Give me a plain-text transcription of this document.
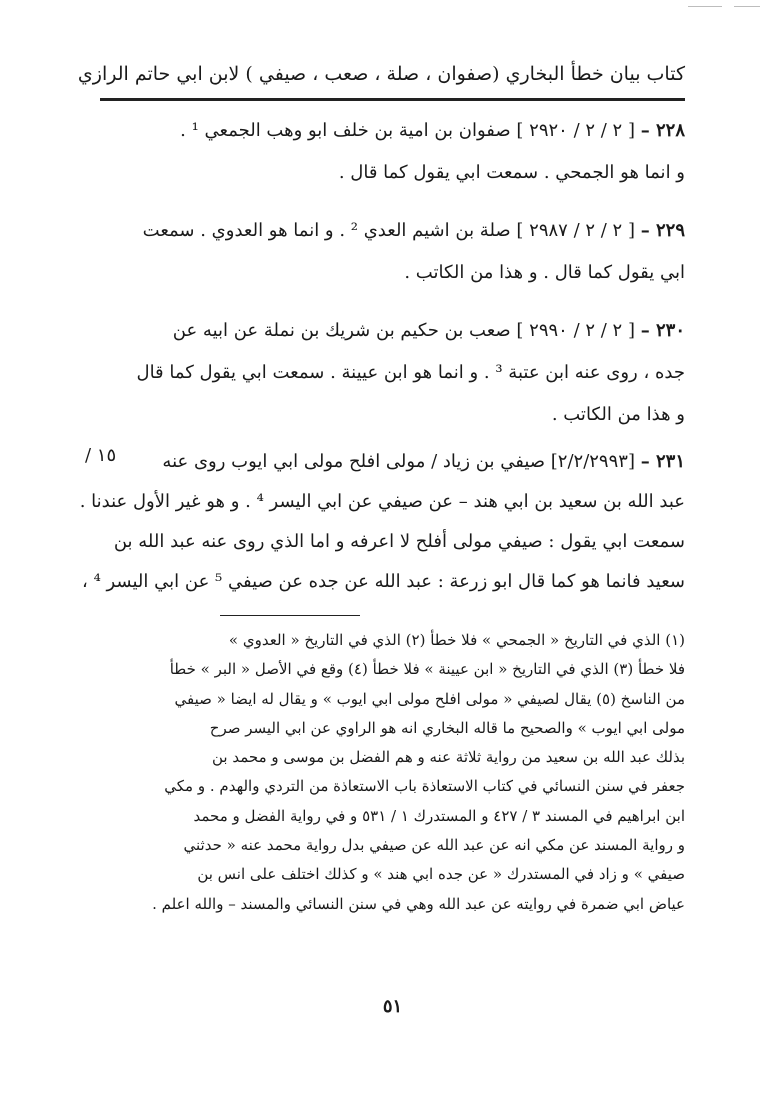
كتاب بيان خطأ البخاري (صفوان ، صلة ، صعب ، صيفي ) لابن ابي حاتم الرازي

٢٢٨ – [ ٢ / ٢ / ٢٩٢٠ ] صفوان بن امية بن خلف ابو وهب الجمعي ¹ .

و انما هو الجمحي . سمعت ابي يقول كما قال .

٢٢٩ – [ ٢ / ٢ / ٢٩٨٧ ] صلة بن اشيم العدي ² . و انما هو العدوي . سمعت

ابي يقول كما قال . و هذا من الكاتب .

٢٣٠ – [ ٢ / ٢ / ٢٩٩٠ ] صعب بن حكيم بن شريك بن نملة عن ابيه عن

جده ، روى عنه ابن عتبة ³ . و انما هو ابن عيينة . سمعت ابي يقول كما قال

و هذا من الكاتب .

٢٣١ – [٢/٢/٢٩٩٣] صيفي بن زياد / مولى افلح مولى ابي ايوب روى عنه

عبد الله بن سعيد بن ابي هند – عن صيفي عن ابي اليسر ⁴ . و هو غير الأول عندنا .

سمعت ابي يقول : صيفي مولى أفلح لا اعرفه و اما الذي روى عنه عبد الله بن

سعيد فانما هو كما قال ابو زرعة : عبد الله عن جده عن صيفي ⁵ عن ابي اليسر ⁴ ،

(١) الذي في التاريخ « الجمحي » فلا خطأ (٢) الذي في التاريخ « العدوي »

فلا خطأ (٣) الذي في التاريخ « ابن عيينة » فلا خطأ (٤) وقع في الأصل « البر » خطأ

من الناسخ (٥) يقال لصيفي « مولى افلح مولى ابي ايوب » و يقال له ايضا « صيفي

مولى ابي ايوب » والصحيح ما قاله البخاري انه هو الراوي عن ابي اليسر صرح

بذلك عبد الله بن سعيد من رواية ثلاثة عنه و هم الفضل بن موسى و محمد بن

جعفر في سنن النسائي في كتاب الاستعاذة باب الاستعاذة من التردي والهدم . و مكي

ابن ابراهيم في المسند ٣ / ٤٢٧ و المستدرك ١ / ٥٣١ و في رواية الفضل و محمد

و رواية المسند عن مكي انه عن عبد الله عن صيفي بدل رواية محمد عنه « حدثني

صيفي » و زاد في المستدرك « عن جده ابي هند » و كذلك اختلف على انس بن

عياض ابي ضمرة في روايته عن عبد الله وهي في سنن النسائي والمسند – والله اعلم .

٥١
١٥ /
